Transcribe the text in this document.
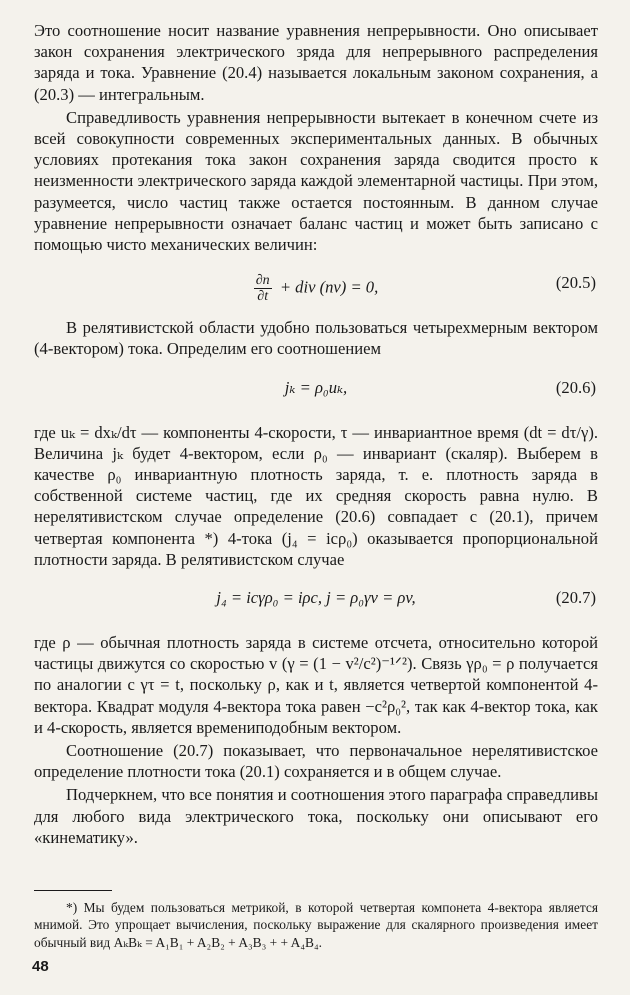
Это соотношение носит название уравнения непрерывности. Оно описывает закон сохранения электрического зряда для непрерывного распределения заряда и тока. Уравнение (20.4) называется локальным законом сохранения, а (20.3) — интегральным.

Справедливость уравнения непрерывности вытекает в конечном счете из всей совокупности современных экспериментальных данных. В обычных условиях протекания тока закон сохранения заряда сводится просто к неизменности электрического заряда каждой элементарной частицы. При этом, разумеется, число частиц также остается постоянным. В данном случае уравнение непрерывности означает баланс частиц и может быть записано с помощью чисто механических величин:

$\frac{\partial n}{\partial t}$ + div (nv) = 0,	(20.5)

В релятивистской области удобно пользоваться четырехмерным вектором (4-вектором) тока. Определим его соотношением

jₖ = ρ₀uₖ,	(20.6)

где uₖ = dxₖ/dτ — компоненты 4-скорости, τ — инвариантное время (dt = dτ/γ). Величина jₖ будет 4-вектором, если ρ₀ — инвариант (скаляр). Выберем в качестве ρ₀ инвариантную плотность заряда, т. е. плотность заряда в собственной системе частиц, где их средняя скорость равна нулю. В нерелятивистском случае определение (20.6) совпадает с (20.1), причем четвертая компонента *) 4-тока (j₄ = icρ₀) оказывается пропорциональной плотности заряда. В релятивистском случае

j₄ = icγρ₀ = iρc, j = ρ₀γv = ρv,	(20.7)

где ρ — обычная плотность заряда в системе отсчета, относительно которой частицы движутся со скоростью v (γ = (1 − v²/c²)⁻¹ᐟ²). Связь γρ₀ = ρ получается по аналогии с γτ = t, поскольку ρ, как и t, является четвертой компонентой 4-вектора. Квадрат модуля 4-вектора тока равен −c²ρ₀², так как 4-вектор тока, как и 4-скорость, является времениподобным вектором.

Соотношение (20.7) показывает, что первоначальное нерелятивистское определение плотности тока (20.1) сохраняется и в общем случае.

Подчеркнем, что все понятия и соотношения этого параграфа справедливы для любого вида электрического тока, поскольку они описывают его «кинематику».

*) Мы будем пользоваться метрикой, в которой четвертая компонета 4-вектора является мнимой. Это упрощает вычисления, поскольку выражение для скалярного произведения имеет обычный вид AₖBₖ = A₁B₁ + A₂B₂ + A₃B₃ + + A₄B₄.

48
